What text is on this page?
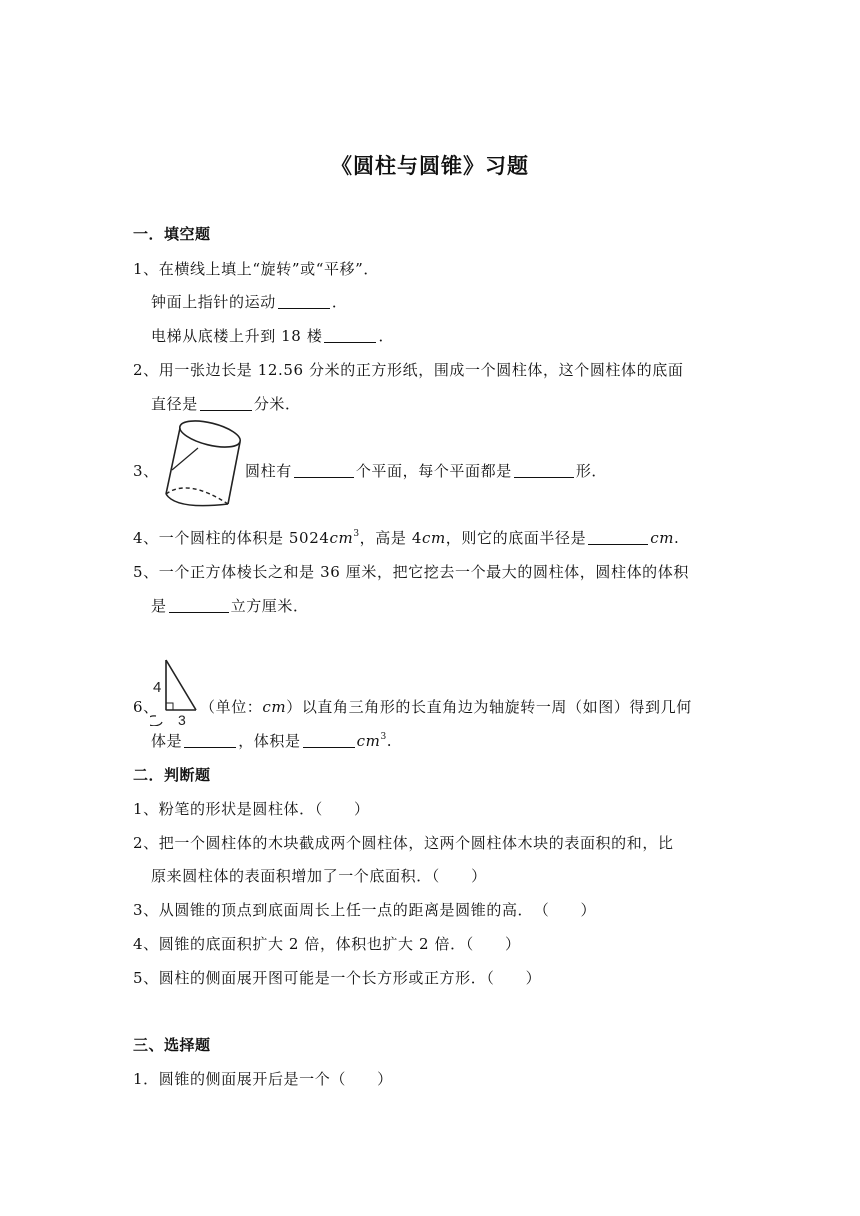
《圆柱与圆锥》习题
一．填空题
1、在横线上填上“旋转”或“平移”．
钟面上指针的运动	．
电梯从底楼上升到 18 楼	．
2、用一张边长是 12.56 分米的正方形纸，围成一个圆柱体，这个圆柱体的底面
直径是	分米．
3、	圆柱有	个平面，每个平面都是	形．
4、一个圆柱的体积是 $5024cm^3$，高是 4cm，则它的底面半径是	cm.
5、一个正方体棱长之和是 36 厘米，把它挖去一个最大的圆柱体，圆柱体的体积
是	立方厘米．
4
3
6、	（单位：cm）以直角三角形的长直角边为轴旋转一周（如图）得到几何
体是	，体积是	$cm^3$.
二．判断题
1、粉笔的形状是圆柱体．（　　）
2、把一个圆柱体的木块截成两个圆柱体，这两个圆柱体木块的表面积的和，比
原来圆柱体的表面积增加了一个底面积．（　　）
3、从圆锥的顶点到底面周长上任一点的距离是圆锥的高．　（　　）
4、圆锥的底面积扩大 2 倍，体积也扩大 2 倍．（　　）
5、圆柱的侧面展开图可能是一个长方形或正方形．（　　）
三、选择题
1．圆锥的侧面展开后是一个（　　）
